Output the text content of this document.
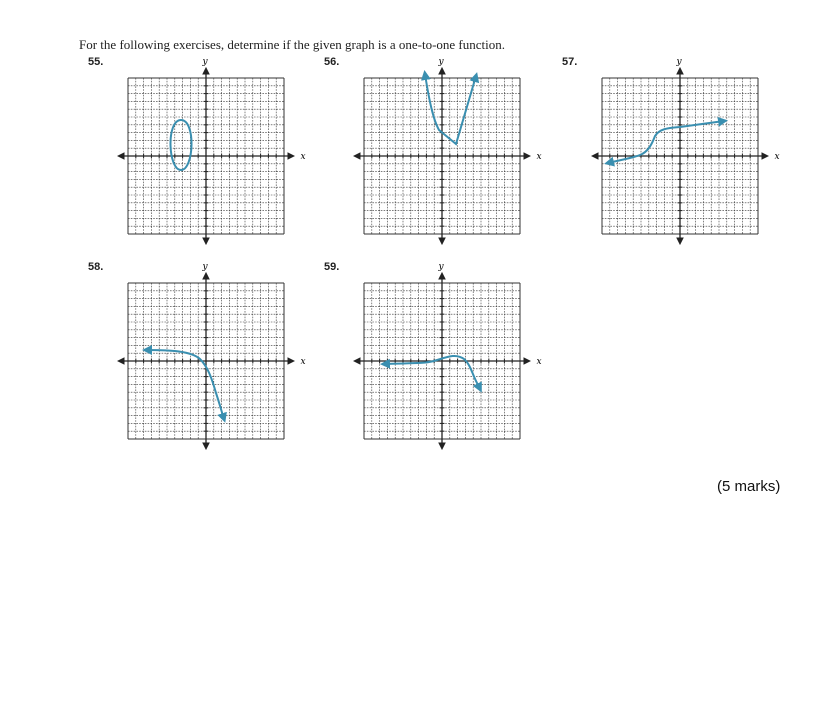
For the following exercises, determine if the given graph is a one-to-one function.

55.	56.	57.
58.	59.
y
x
y
x
y
x
y
x
y
x
(5 marks)
